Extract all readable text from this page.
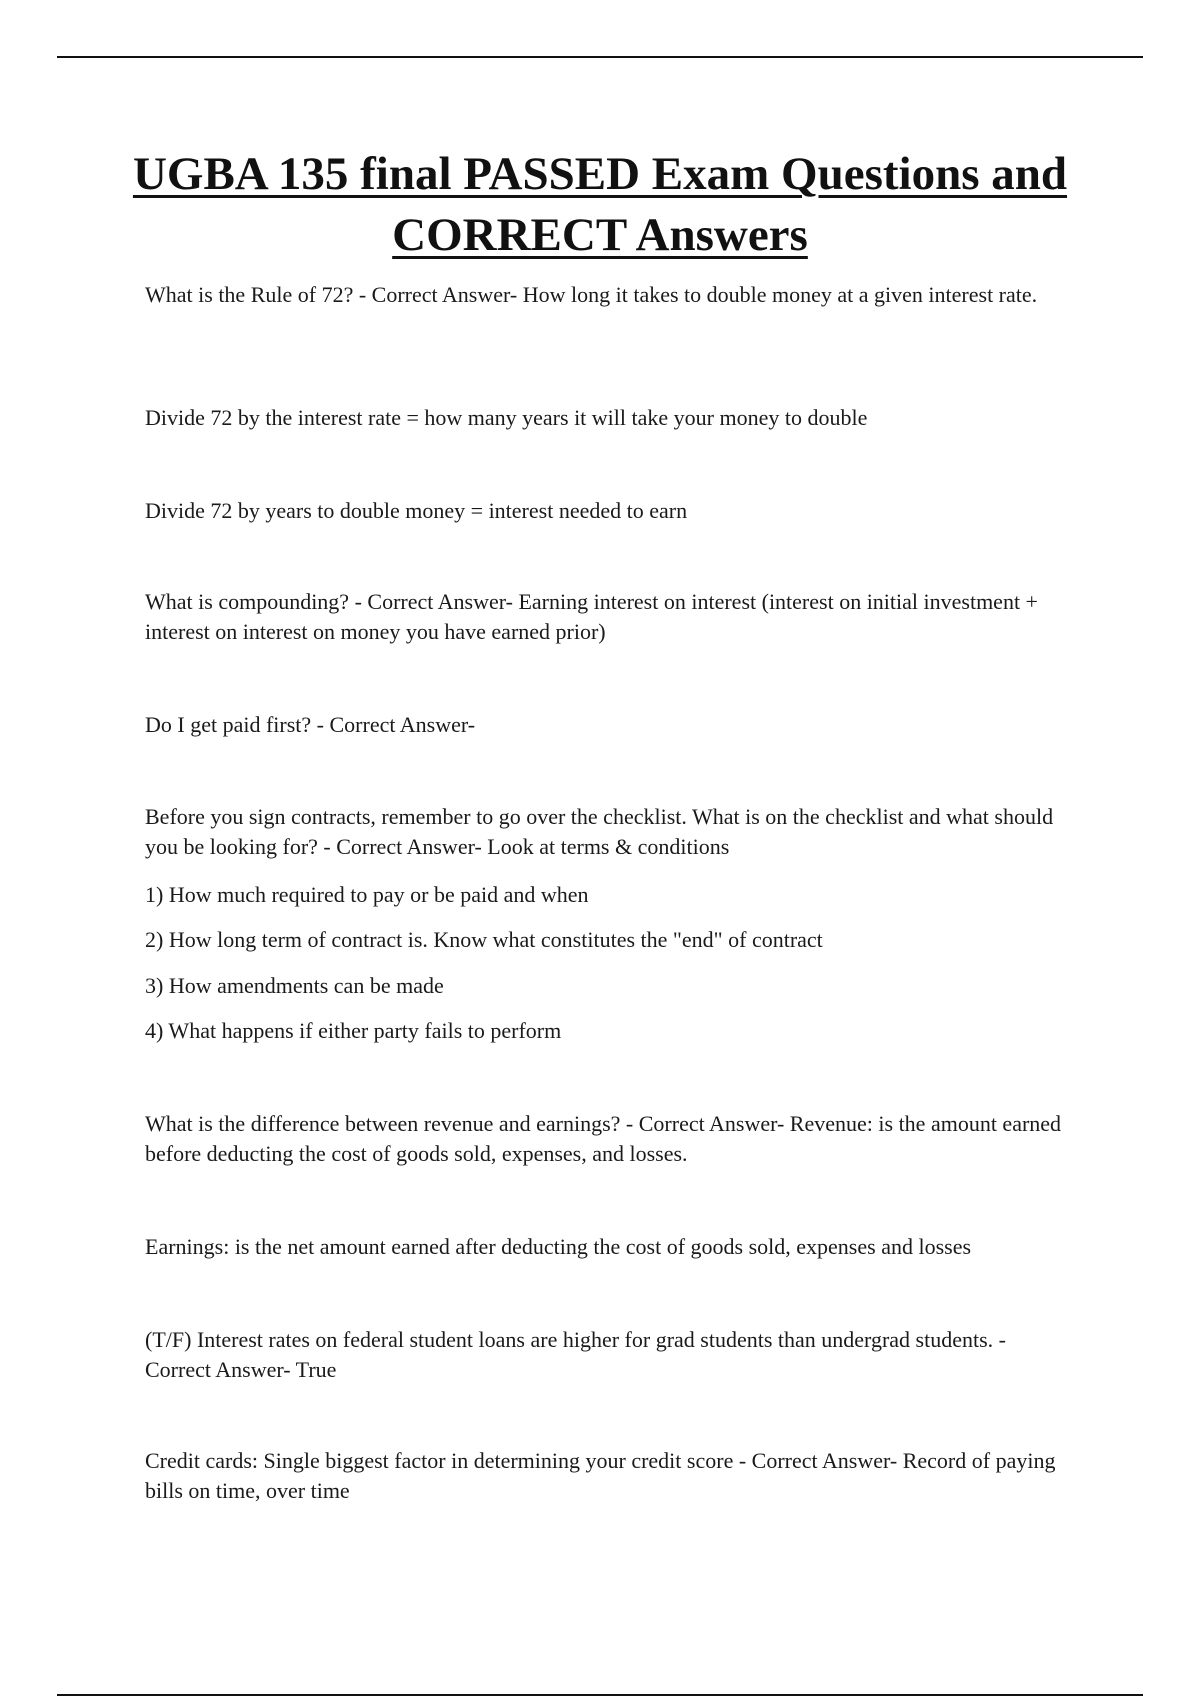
UGBA 135 final PASSED Exam Questions and CORRECT Answers

What is the Rule of 72? - Correct Answer- How long it takes to double money at a given interest rate.

Divide 72 by the interest rate = how many years it will take your money to double

Divide 72 by years to double money = interest needed to earn

What is compounding? - Correct Answer- Earning interest on interest (interest on initial investment + interest on interest on money you have earned prior)

Do I get paid first? - Correct Answer-

Before you sign contracts, remember to go over the checklist. What is on the checklist and what should you be looking for? - Correct Answer- Look at terms & conditions

1) How much required to pay or be paid and when

2) How long term of contract is. Know what constitutes the "end" of contract

3) How amendments can be made

4) What happens if either party fails to perform

What is the difference between revenue and earnings? - Correct Answer- Revenue: is the amount earned before deducting the cost of goods sold, expenses, and losses.

Earnings: is the net amount earned after deducting the cost of goods sold, expenses and losses

(T/F) Interest rates on federal student loans are higher for grad students than undergrad students. - Correct Answer- True

Credit cards: Single biggest factor in determining your credit score - Correct Answer- Record of paying bills on time, over time
